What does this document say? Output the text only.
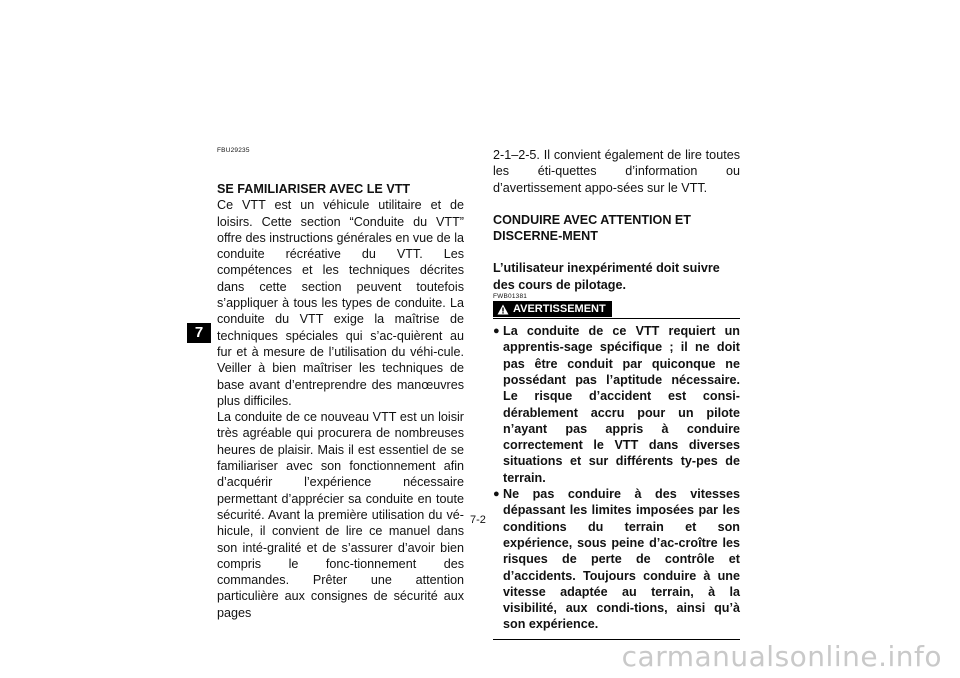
7
FBU29235
SE FAMILIARISER AVEC LE VTT
Ce VTT est un véhicule utilitaire et de loisirs. Cette section “Conduite du VTT” offre des instructions générales en vue de la conduite récréative du VTT. Les compétences et les techniques décrites dans cette section peuvent toutefois s’appliquer à tous les types de conduite. La conduite du VTT exige la maîtrise de techniques spéciales qui s’ac-quièrent au fur et à mesure de l’utilisation du véhi-cule. Veiller à bien maîtriser les techniques de base avant d’entreprendre des manœuvres plus difficiles.
La conduite de ce nouveau VTT est un loisir très agréable qui procurera de nombreuses heures de plaisir. Mais il est essentiel de se familiariser avec son fonctionnement afin d’acquérir l’expérience nécessaire permettant d’apprécier sa conduite en toute sécurité. Avant la première utilisation du vé-hicule, il convient de lire ce manuel dans son inté-gralité et de s’assurer d’avoir bien compris le fonc-tionnement des commandes. Prêter une attention particulière aux consignes de sécurité aux pages
2-1–2-5. Il convient également de lire toutes les éti-quettes d’information ou d’avertissement appo-sées sur le VTT.
CONDUIRE AVEC ATTENTION ET DISCERNE-MENT
L’utilisateur inexpérimenté doit suivre des cours de pilotage.
FWB01381
AVERTISSEMENT
● La conduite de ce VTT requiert un apprentis-sage spécifique ; il ne doit pas être conduit par quiconque ne possédant pas l’aptitude nécessaire. Le risque d’accident est consi-dérablement accru pour un pilote n’ayant pas appris à conduire correctement le VTT dans diverses situations et sur différents ty-pes de terrain.
● Ne pas conduire à des vitesses dépassant les limites imposées par les conditions du terrain et son expérience, sous peine d’ac-croître les risques de perte de contrôle et d’accidents. Toujours conduire à une vitesse adaptée au terrain, à la visibilité, aux condi-tions, ainsi qu’à son expérience.
7-2
carmanualsonline.info
